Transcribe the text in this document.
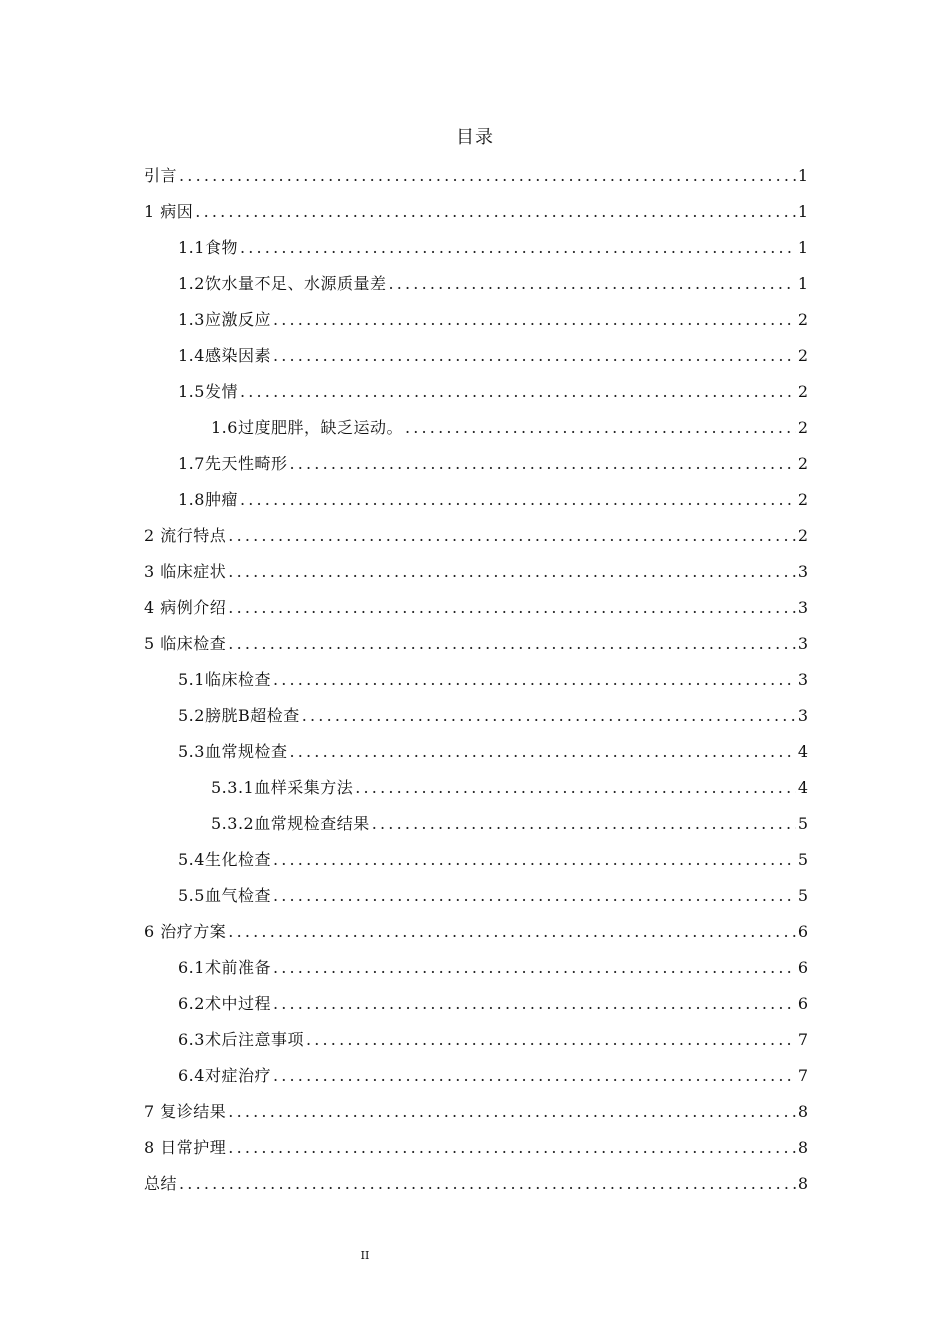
目录
引言 .....	1
1 病因 .....	1
1.1食物 .....	1
1.2饮水量不足、水源质量差 .....	1
1.3应激反应 .....	2
1.4感染因素 .....	2
1.5发情 .....	2
1.6过度肥胖，缺乏运动。 .....	2
1.7先天性畸形 .....	2
1.8肿瘤 .....	2
2 流行特点 .....	2
3 临床症状 .....	3
4 病例介绍 .....	3
5 临床检查 .....	3
5.1临床检查 .....	3
5.2膀胱B超检查 .....	3
5.3血常规检查 .....	4
5.3.1血样采集方法 .....	4
5.3.2血常规检查结果 .....	5
5.4生化检查 .....	5
5.5血气检查 .....	5
6 治疗方案 .....	6
6.1术前准备 .....	6
6.2术中过程 .....	6
6.3术后注意事项 .....	7
6.4对症治疗 .....	7
7 复诊结果 .....	8
8 日常护理 .....	8
总结 .....	8
II
